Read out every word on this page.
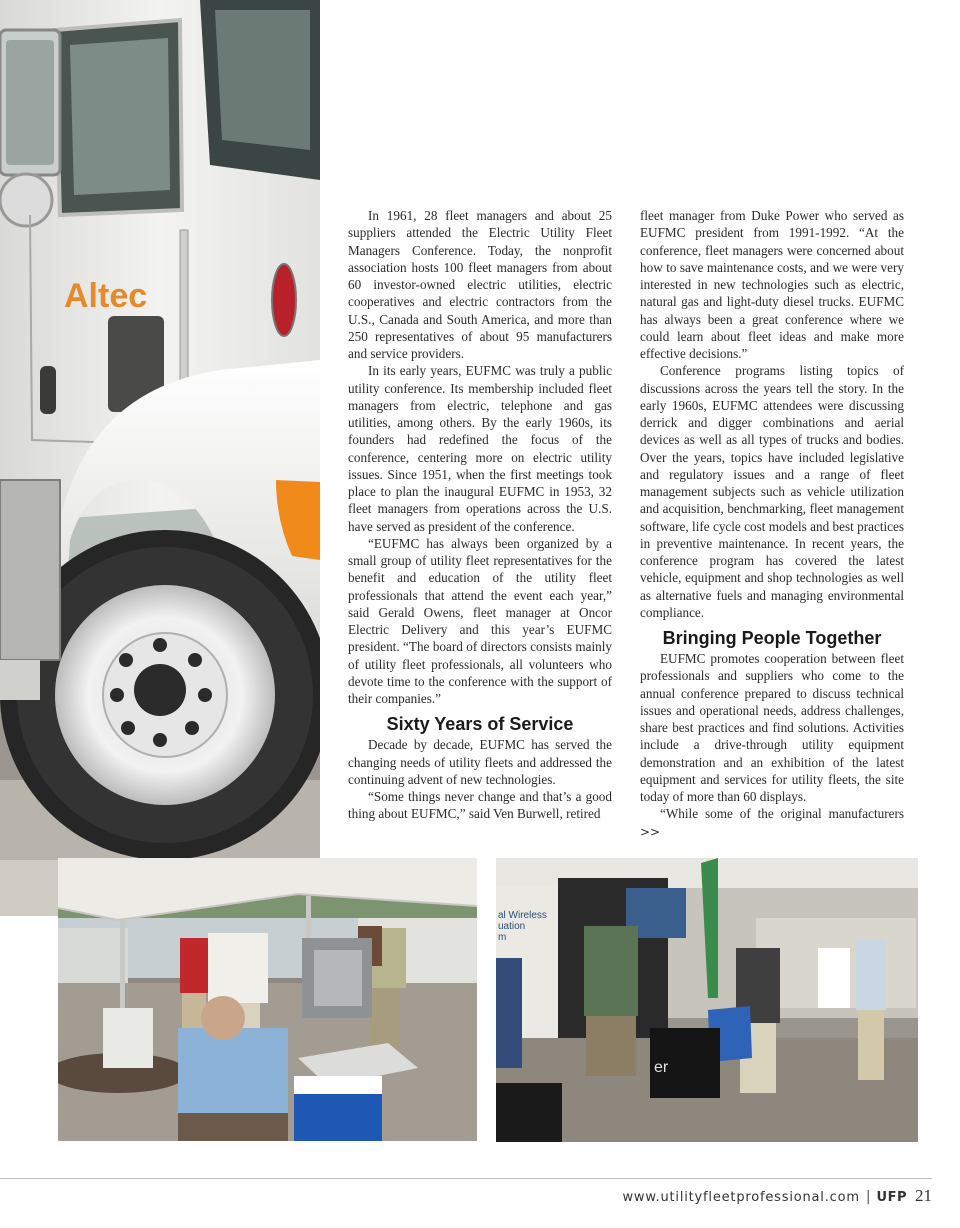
Altec

In 1961, 28 fleet managers and about 25 suppliers attended the Electric Utility Fleet Managers Conference. Today, the nonprofit association hosts 100 fleet managers from about 60 investor-owned electric utilities, electric cooperatives and electric contractors from the U.S., Canada and South America, and more than 250 representatives of about 95 manufacturers and service providers.

In its early years, EUFMC was truly a public utility conference. Its membership included fleet managers from electric, telephone and gas utilities, among others. By the early 1960s, its founders had redefined the focus of the conference, centering more on electric utility issues. Since 1951, when the first meetings took place to plan the inaugural EUFMC in 1953, 32 fleet managers from operations across the U.S. have served as president of the conference.

“EUFMC has always been organized by a small group of utility fleet representatives for the benefit and education of the utility fleet professionals that attend the event each year,” said Gerald Owens, fleet manager at Oncor Electric Delivery and this year’s EUFMC president. “The board of directors consists mainly of utility fleet professionals, all volunteers who devote time to the conference with the support of their companies.”

Sixty Years of Service

Decade by decade, EUFMC has served the changing needs of utility fleets and addressed the continuing advent of new technologies.

“Some things never change and that’s a good thing about EUFMC,” said Ven Burwell, retired

fleet manager from Duke Power who served as EUFMC president from 1991-1992. “At the conference, fleet managers were concerned about how to save maintenance costs, and we were very interested in new technologies such as electric, natural gas and light-duty diesel trucks. EUFMC has always been a great conference where we could learn about fleet ideas and make more effective decisions.”

Conference programs listing topics of discussions across the years tell the story. In the early 1960s, EUFMC attendees were discussing derrick and digger combinations and aerial devices as well as all types of trucks and bodies. Over the years, topics have included legislative and regulatory issues and a range of fleet management subjects such as vehicle utilization and acquisition, benchmarking, fleet management software, life cycle cost models and best practices in preventive maintenance. In recent years, the conference program has covered the latest vehicle, equipment and shop technologies as well as alternative fuels and managing environmental compliance.

Bringing People Together

EUFMC promotes cooperation between fleet professionals and suppliers who come to the annual conference prepared to discuss technical issues and operational needs, address challenges, share best practices and find solutions. Activities include a drive-through utility equipment demonstration and an exhibition of the latest equipment and services for utility fleets, the site today of more than 60 displays.

“While some of the original manufacturers >>

al Wireless uation m
er
www.utilityfleetprofessional.com | UFP 21
